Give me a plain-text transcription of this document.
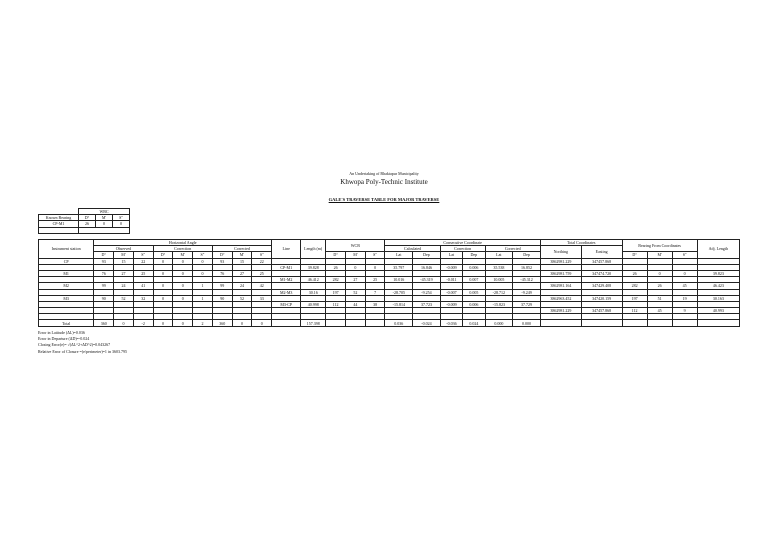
An Undertaking of Bhaktapur Municipality
Khwopa Poly-Technic Institute
GALE'S TRAVERSE TABLE FOR MAJOR TRAVERSE
	WBC		
Known Bearing	D°	M'	S"
CP-M1	26	0	0

Instrument station	Horizontal Angle									Line	Length (m)	WCB			Consecutive Coordinate						Total Coordinates		Bearing From Coordinates			Adj. Length
	Observed			Correction			Corrected								Calculated		Correction		Corrected		Northing	Easting				
	D°	M'	S"	D°	M'	S"	D°	M'	S"			D°	M'	S"	Lat	Dep	Lat	Dep	Lat	Dep			D°	M'	S"	
CP	93	15	22	0	0	0	93	15	22												3862981.229	347457.868				
										CP-M1	39.828	26	0	0	35.797	16.846	-0.009	0.006	35.538	16.852						
M1	76	27	25	0	0	0	76	27	25												3862981.759	347474.720	26	0	0	39.823
										M1-M2	46.412	282	27	25	10.016	-45.319	-0.011	0.007	10.005	-45.312						
M2	99	24	41	0	0	1	99	24	42												3862981.164	347429.408	282	26	45	46.423
										M2-M3	30.16	197	52	7	-28.705	-9.254	-0.007	0.005	-28.712	-9.249						
M3	90	52	32	0	0	1	90	52	33												3862963.452	347420.159	197	51	19	30.163
										M3-CP	40.998	112	44	38	-15.814	37.723	-0.009	0.006	-15.823	37.729						
																					3862981.229	347457.868	112	45	9	40.993

Total	360	0	-2	0	0	2	360	0	0		157.398				0.036	-0.024	-0.036	0.024	0.000	0.000						
Error in Latitude (ΔL)=0.036
Error in Departure (ΔD)=-0.024
Closing Error(e)= √(ΔL^2+ΔD^2)=0.043267
Relative Error of Closure =(e/perimeter)=1 in 3603.795
